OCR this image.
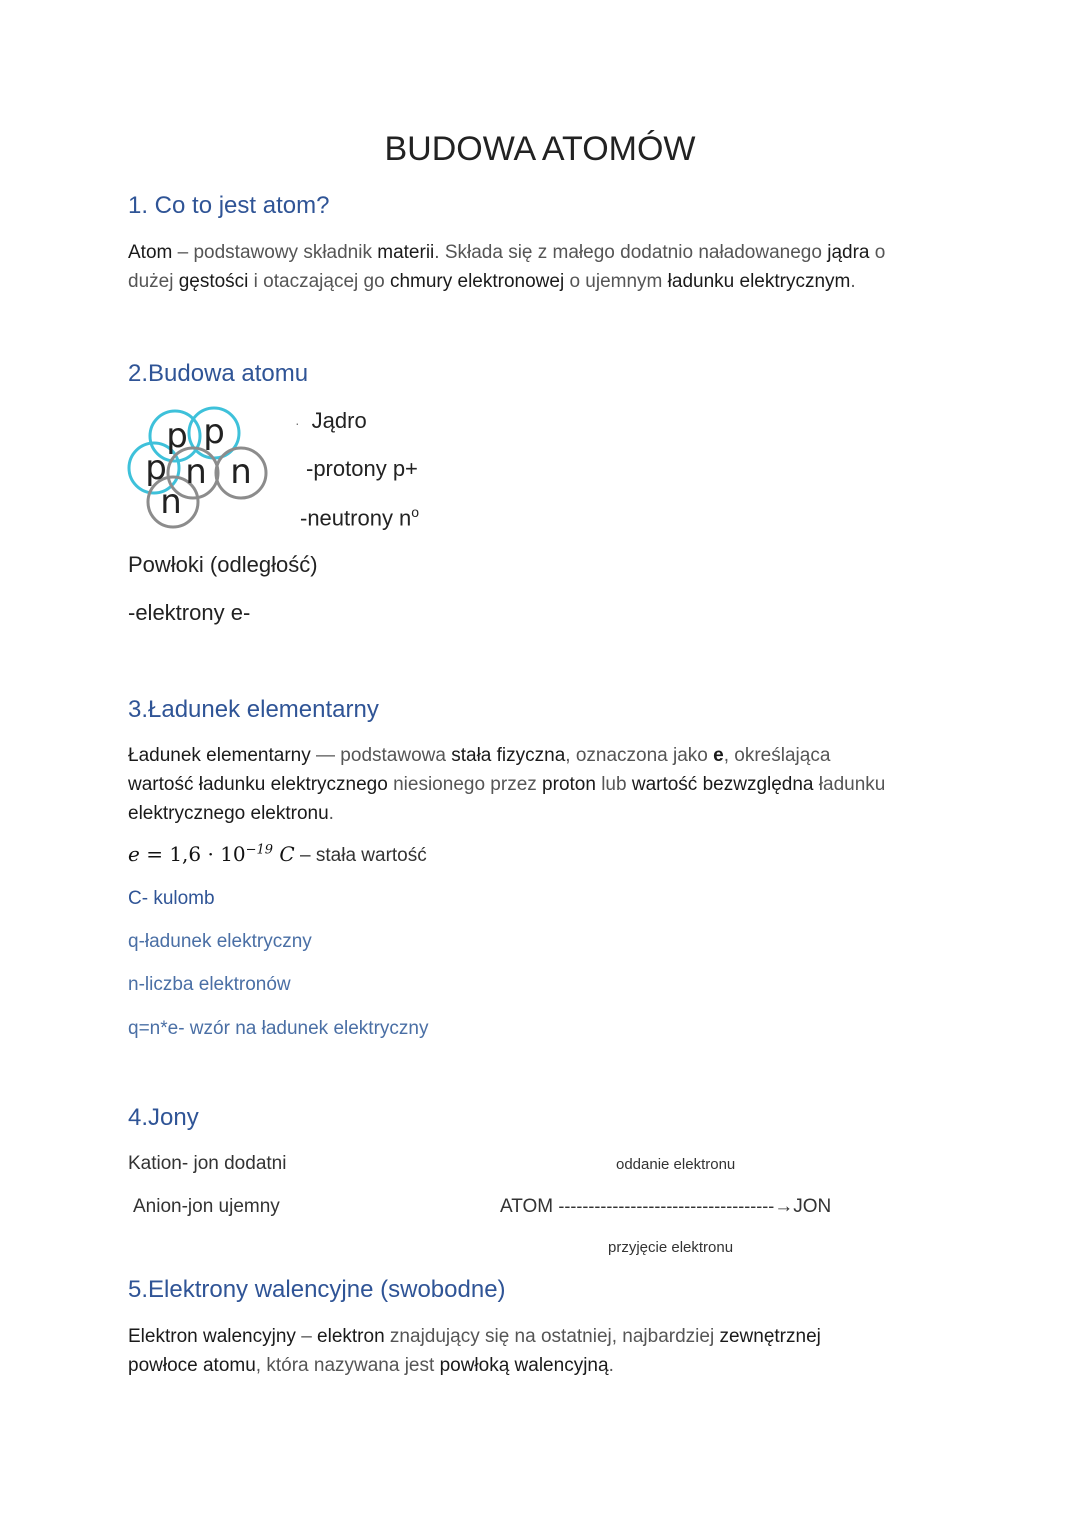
BUDOWA ATOMÓW
1. Co to jest atom?
Atom – podstawowy składnik materii. Składa się z małego dodatnio naładowanego jądra o dużej gęstości i otaczającej go chmury elektronowej o ujemnym ładunku elektrycznym.
2.Budowa atomu
p p
p n n
n
· Jądro
-protony p+
-neutrony $n^o$
Powłoki (odległość)
-elektrony e-
3.Ładunek elementarny
Ładunek elementarny — podstawowa stała fizyczna, oznaczona jako e, określająca
wartość ładunku elektrycznego niesionego przez proton lub wartość bezwzględna ładunku
elektrycznego elektronu.
$e = 1,6 \cdot 10^{-19}$ C – stała wartość
C- kulomb
q-ładunek elektryczny
n-liczba elektronów
q=n*e- wzór na ładunek elektryczny
4.Jony
Kation- jon dodatni
Anion-jon ujemny
oddanie elektronu
ATOM ------------------------------------→JON
przyjęcie elektronu
5.Elektrony walencyjne (swobodne)
Elektron walencyjny – elektron znajdujący się na ostatniej, najbardziej zewnętrznej powłoce atomu, która nazywana jest powłoką walencyjną.
